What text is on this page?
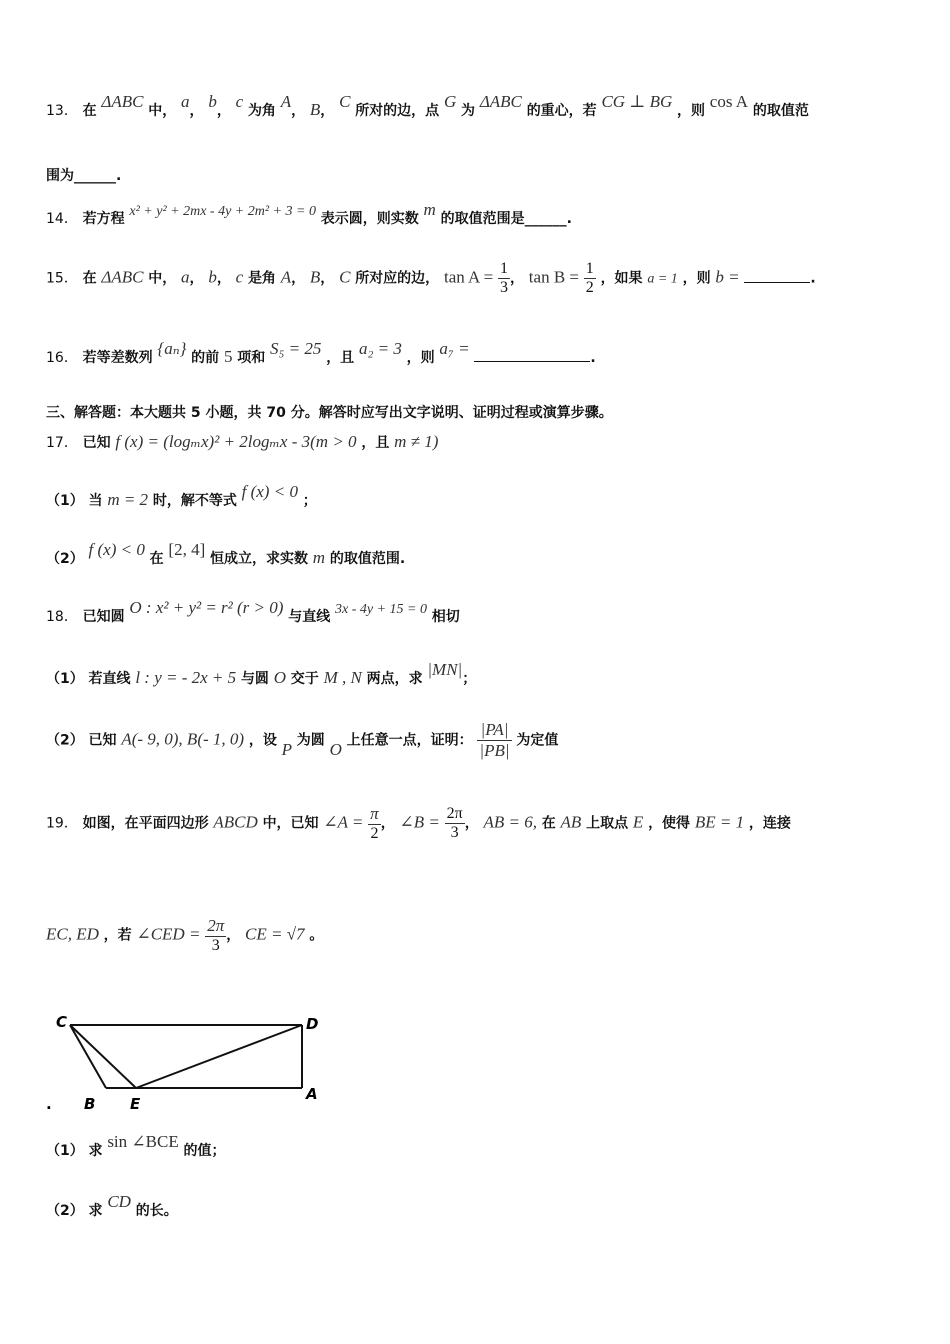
13． 在 ΔABC 中， a， b， c 为角 A， B， C 所对的边，点 G 为 ΔABC 的重心，若 CG ⊥ BG ，则 cos A 的取值范
围为______.
14． 若方程 x² + y² + 2mx - 4y + 2m² + 3 = 0 表示圆，则实数 m 的取值范围是______.
15． 在 ΔABC 中， a， b， c 是角 A， B， C 所对应的边， $\tan A = \frac{1}{3}$ ， $\tan B = \frac{1}{2}$ ，如果 a = 1 ，则 b =	.
16． 若等差数列 {aₙ} 的前 5 项和 S₅ = 25 ，且 a₂ = 3 ，则 a₇ =	.
三、解答题：本大题共 5 小题，共 70 分。解答时应写出文字说明、证明过程或演算步骤。
17． 已知 f (x) = (logₘx)² + 2logₘx - 3(m > 0 ，且 m ≠ 1)
（1） 当 m = 2 时，解不等式 f (x) < 0 ；
（2） f (x) < 0 在 [2, 4] 恒成立，求实数 m 的取值范围.
18． 已知圆 O : x² + y² = r² (r > 0) 与直线 3x - 4y + 15 = 0 相切
（1） 若直线 l : y = - 2x + 5 与圆 O 交于 M , N 两点，求 |MN|；
（2） 已知 A(- 9, 0), B(- 1, 0) ，设 P 为圆 O 上任意一点，证明： $\frac{|PA|}{|PB|}$ 为定值
19． 如图，在平面四边形 ABCD 中，已知 ∠A = $\frac{\pi}{2}$ ， ∠B = $\frac{2\pi}{3}$ ， AB = 6, 在 AB 上取点 E ，使得 BE = 1 ，连接
EC, ED ，若 ∠CED = $\frac{2\pi}{3}$ ， CE = √7 。
C	D
B E
A
.
（1） 求 sin ∠BCE 的值；
（2） 求 CD 的长。
